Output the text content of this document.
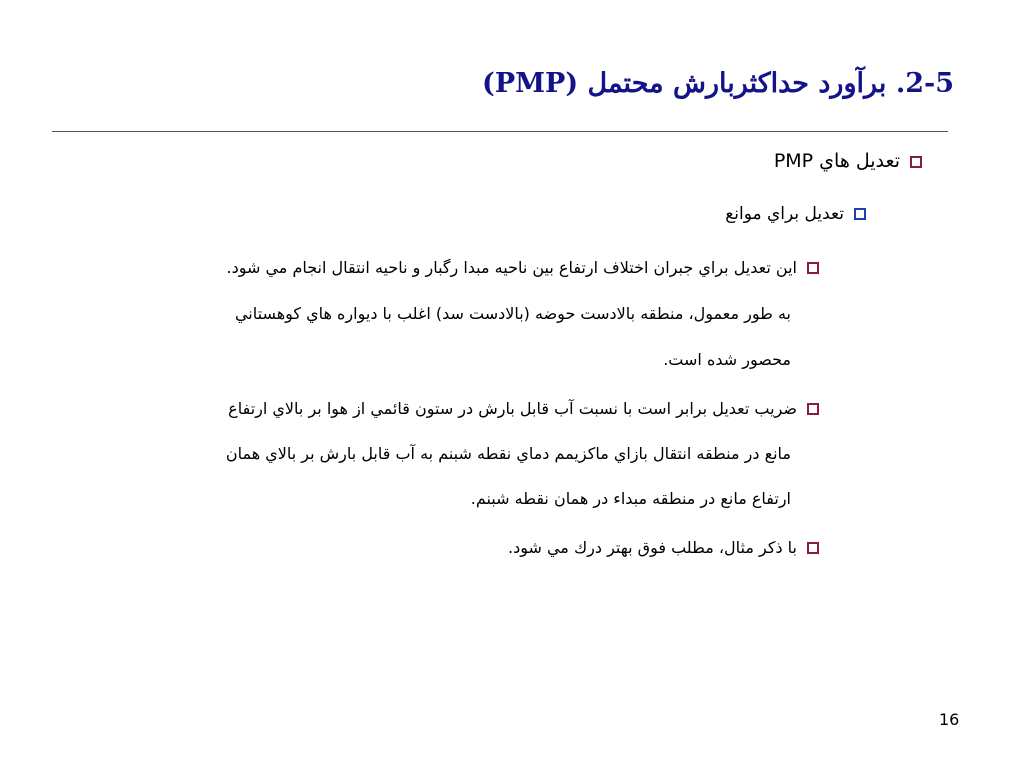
2-5. برآورد حداكثربارش محتمل (PMP)
تعديل هاي PMP
تعديل براي موانع
اين تعديل براي جبران اختلاف ارتفاع بين ناحيه مبدا رگبار و ناحيه انتقال انجام مي شود.
به طور معمول، منطقه بالادست حوضه (بالادست سد) اغلب با ديواره هاي كوهستاني
محصور شده است.
ضريب تعديل برابر است با نسبت آب قابل بارش در ستون قائمي از هوا بر بالاي ارتفاع
مانع در منطقه انتقال بازاي ماكزيمم دماي نقطه شبنم به آب قابل بارش بر بالاي همان
ارتفاع مانع در منطقه مبداء در همان نقطه شبنم.
با ذكر مثال، مطلب فوق بهتر درك مي شود.
16
